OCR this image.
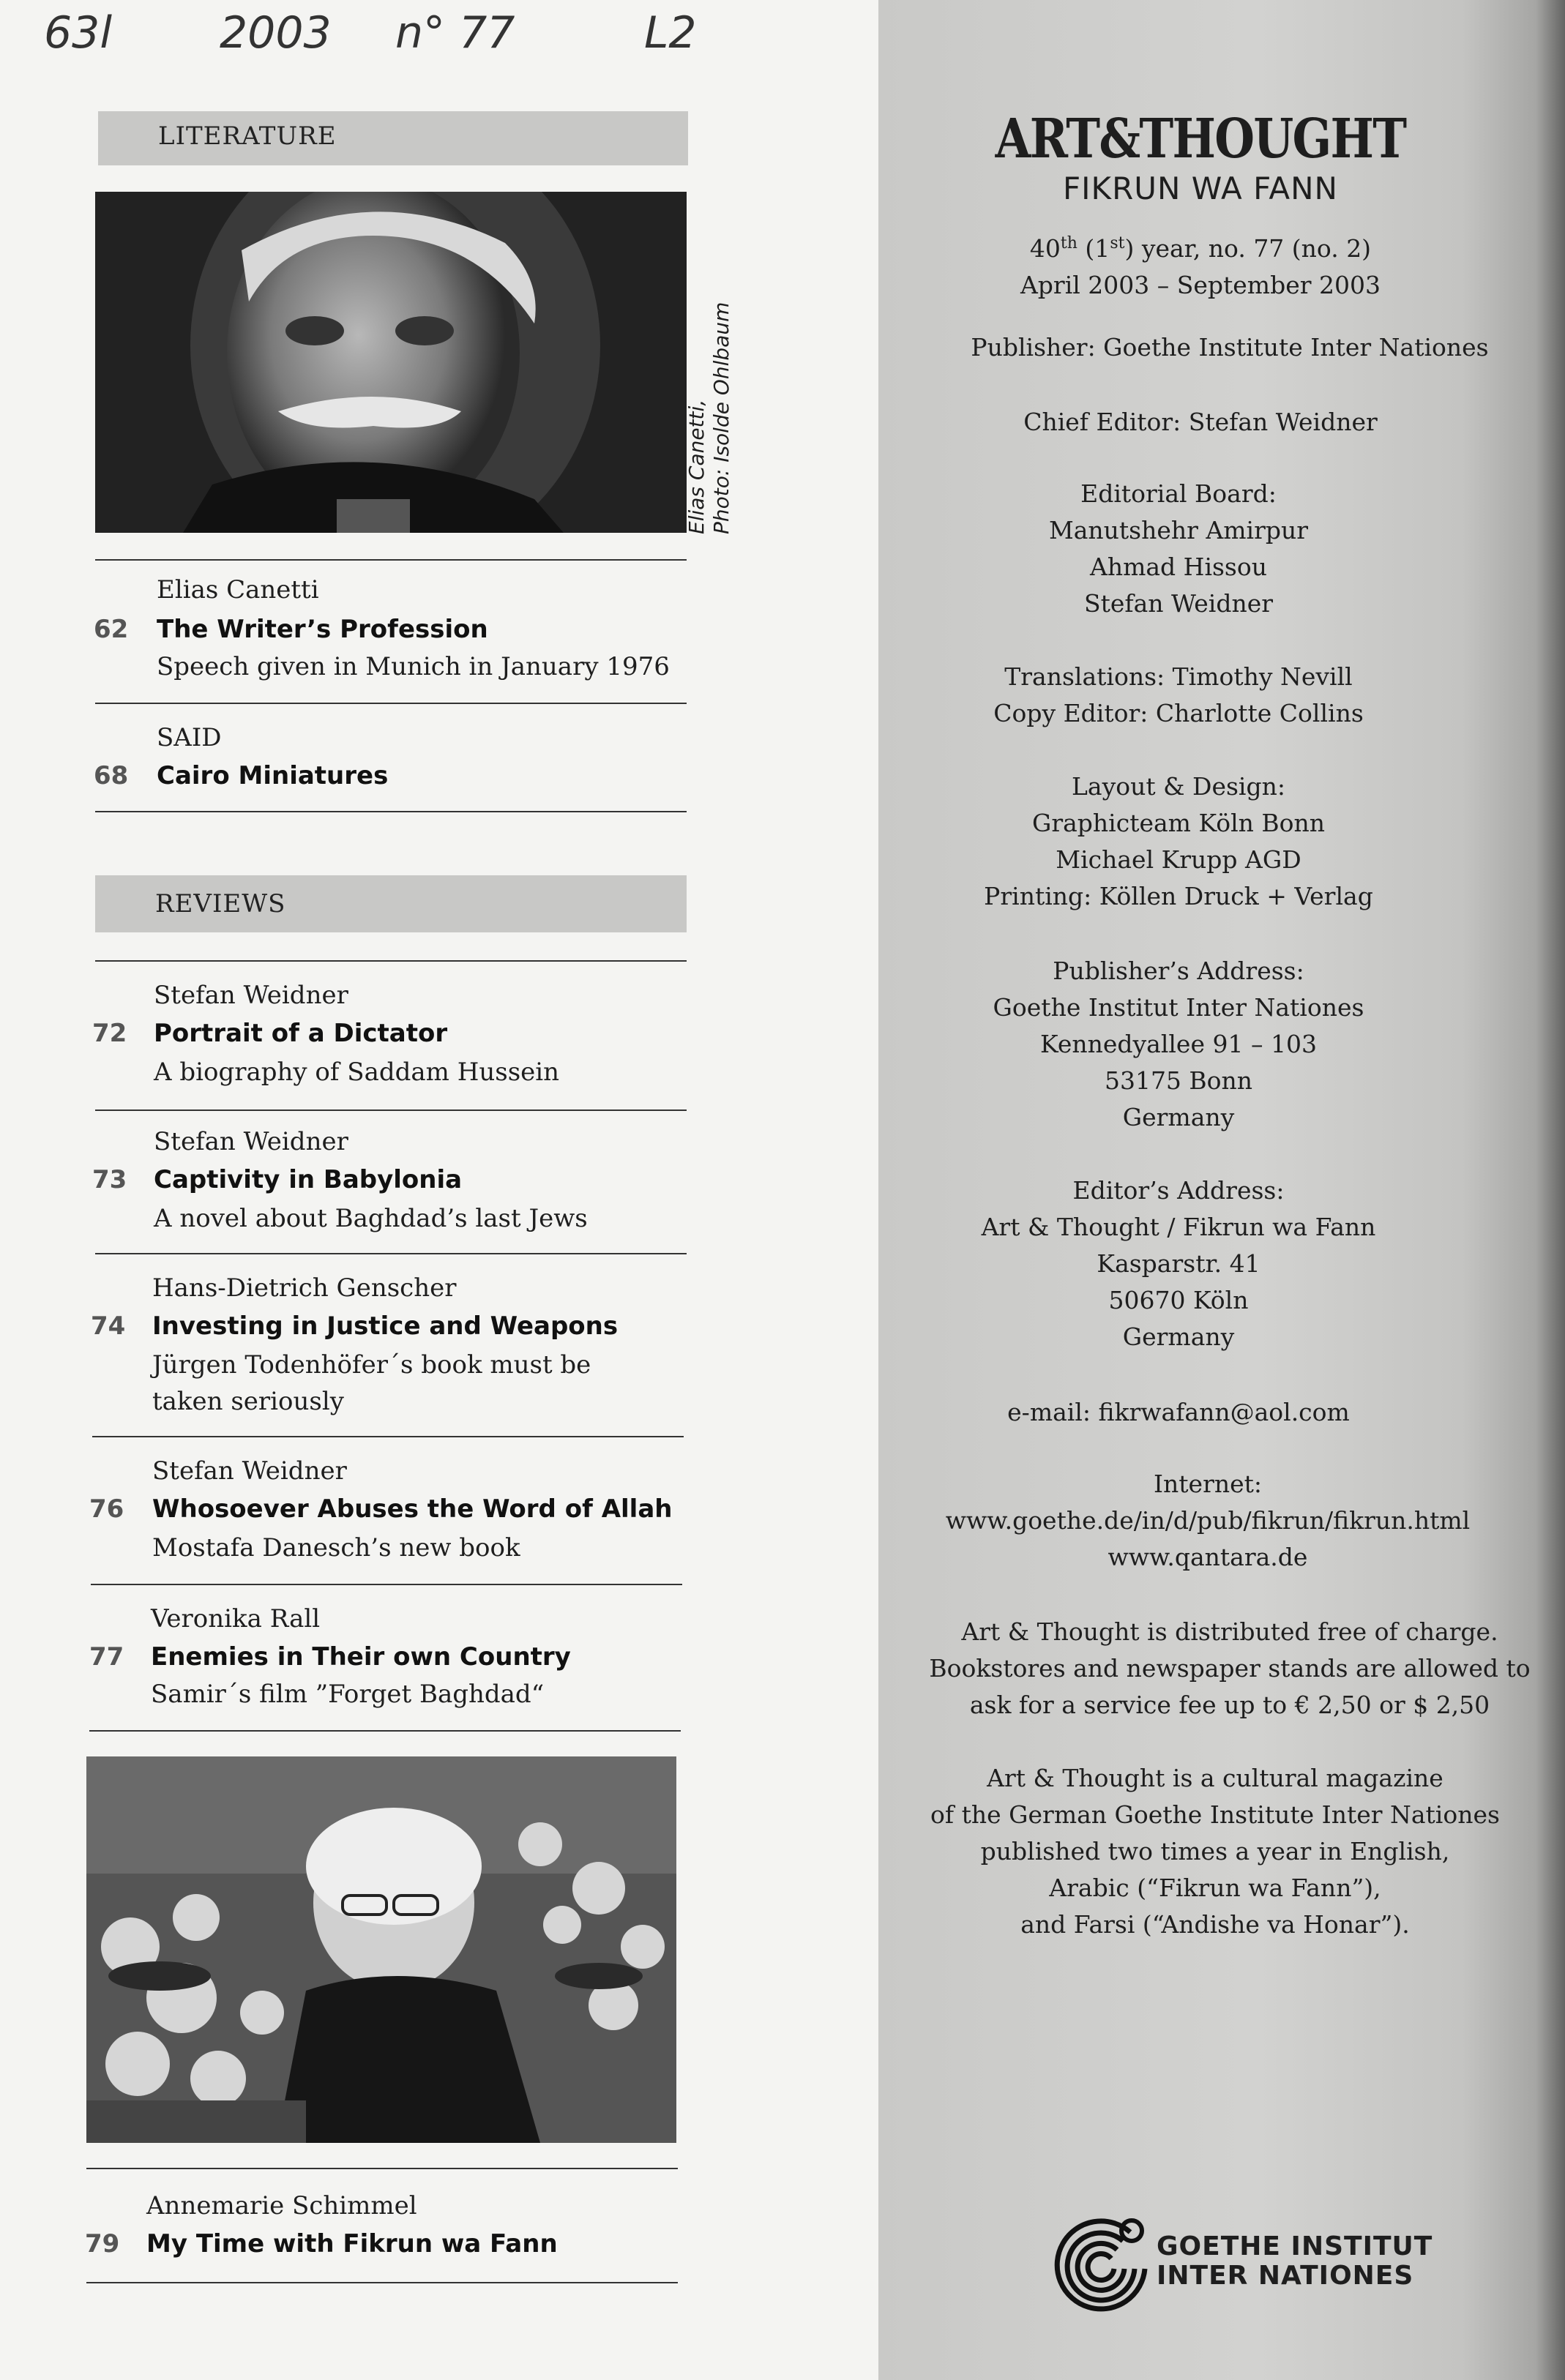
63l 2003 n° 77	L2
LITERATURE
Elias Canetti, Photo: Isolde Ohlbaum
Elias Canetti
62 The Writer’s Profession
Speech given in Munich in January 1976
SAID
68 Cairo Miniatures
REVIEWS
Stefan Weidner
72 Portrait of a Dictator
A biography of Saddam Hussein
Stefan Weidner
73 Captivity in Babylonia
A novel about Baghdad’s last Jews
Hans-Dietrich Genscher
74 Investing in Justice and Weapons
Jürgen Todenhöfer´s book must be
taken seriously
Stefan Weidner
76 Whosoever Abuses the Word of Allah
Mostafa Danesch’s new book
Veronika Rall
77 Enemies in Their own Country
Samir´s film ”Forget Baghdad“
Annemarie Schimmel
79 My Time with Fikrun wa Fann
ART&THOUGHT
FIKRUN WA FANN
40th (1st) year, no. 77 (no. 2)
April 2003 – September 2003
Publisher: Goethe Institute Inter Nationes
Chief Editor: Stefan Weidner
Editorial Board:
Manutshehr Amirpur
Ahmad Hissou
Stefan Weidner
Translations: Timothy Nevill
Copy Editor: Charlotte Collins
Layout & Design:
Graphicteam Köln Bonn
Michael Krupp AGD
Printing: Köllen Druck + Verlag
Publisher’s Address:
Goethe Institut Inter Nationes
Kennedyallee 91 – 103
53175 Bonn
Germany
Editor’s Address:
Art & Thought / Fikrun wa Fann
Kasparstr. 41
50670 Köln
Germany
e-mail: fikrwafann@aol.com
Internet:
www.goethe.de/in/d/pub/fikrun/fikrun.html
www.qantara.de
Art & Thought is distributed free of charge.
Bookstores and newspaper stands are allowed to
ask for a service fee up to € 2,50 or $ 2,50
Art & Thought is a cultural magazine
of the German Goethe Institute Inter Nationes
published two times a year in English,
Arabic (“Fikrun wa Fann”),
and Farsi (“Andishe va Honar”).
GOETHE INSTITUT
INTER NATIONES
